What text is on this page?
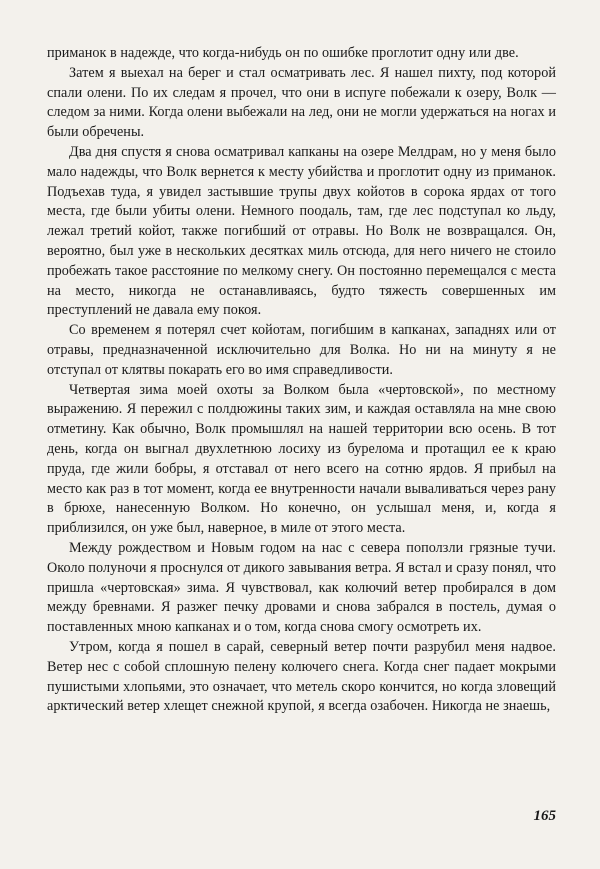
приманок в надежде, что когда-нибудь он по ошибке проглотит одну или две.

Затем я выехал на берег и стал осматривать лес. Я нашел пихту, под которой спали олени. По их следам я прочел, что они в испуге побежали к озеру, Волк — следом за ними. Когда олени выбежали на лед, они не могли удержаться на ногах и были обречены.

Два дня спустя я снова осматривал капканы на озере Мелдрам, но у меня было мало надежды, что Волк вернется к месту убийства и проглотит одну из приманок. Подъехав туда, я увидел застывшие трупы двух койотов в сорока ярдах от того места, где были убиты олени. Немного поодаль, там, где лес подступал ко льду, лежал третий койот, также погибший от отравы. Но Волк не возвращался. Он, вероятно, был уже в нескольких десятках миль отсюда, для него ничего не стоило пробежать такое расстояние по мелкому снегу. Он постоянно перемещался с места на место, никогда не останавливаясь, будто тяжесть совершенных им преступлений не давала ему покоя.

Со временем я потерял счет койотам, погибшим в капканах, западнях или от отравы, предназначенной исключительно для Волка. Но ни на минуту я не отступал от клятвы покарать его во имя справедливости.

Четвертая зима моей охоты за Волком была «чертовской», по местному выражению. Я пережил с полдюжины таких зим, и каждая оставляла на мне свою отметину. Как обычно, Волк промышлял на нашей территории всю осень. В тот день, когда он выгнал двухлетнюю лосиху из бурелома и протащил ее к краю пруда, где жили бобры, я отставал от него всего на сотню ярдов. Я прибыл на место как раз в тот момент, когда ее внутренности начали вываливаться через рану в брюхе, нанесенную Волком. Но конечно, он услышал меня, и, когда я приблизился, он уже был, наверное, в миле от этого места.

Между рождеством и Новым годом на нас с севера поползли грязные тучи. Около полуночи я проснулся от дикого завывания ветра. Я встал и сразу понял, что пришла «чертовская» зима. Я чувствовал, как колючий ветер пробирался в дом между бревнами. Я разжег печку дровами и снова забрался в постель, думая о поставленных мною капканах и о том, когда снова смогу осмотреть их.

Утром, когда я пошел в сарай, северный ветер почти разрубил меня надвое. Ветер нес с собой сплошную пелену колючего снега. Когда снег падает мокрыми пушистыми хлопьями, это означает, что метель скоро кончится, но когда зловещий арктический ветер хлещет снежной крупой, я всегда озабочен. Никогда не знаешь,

165
